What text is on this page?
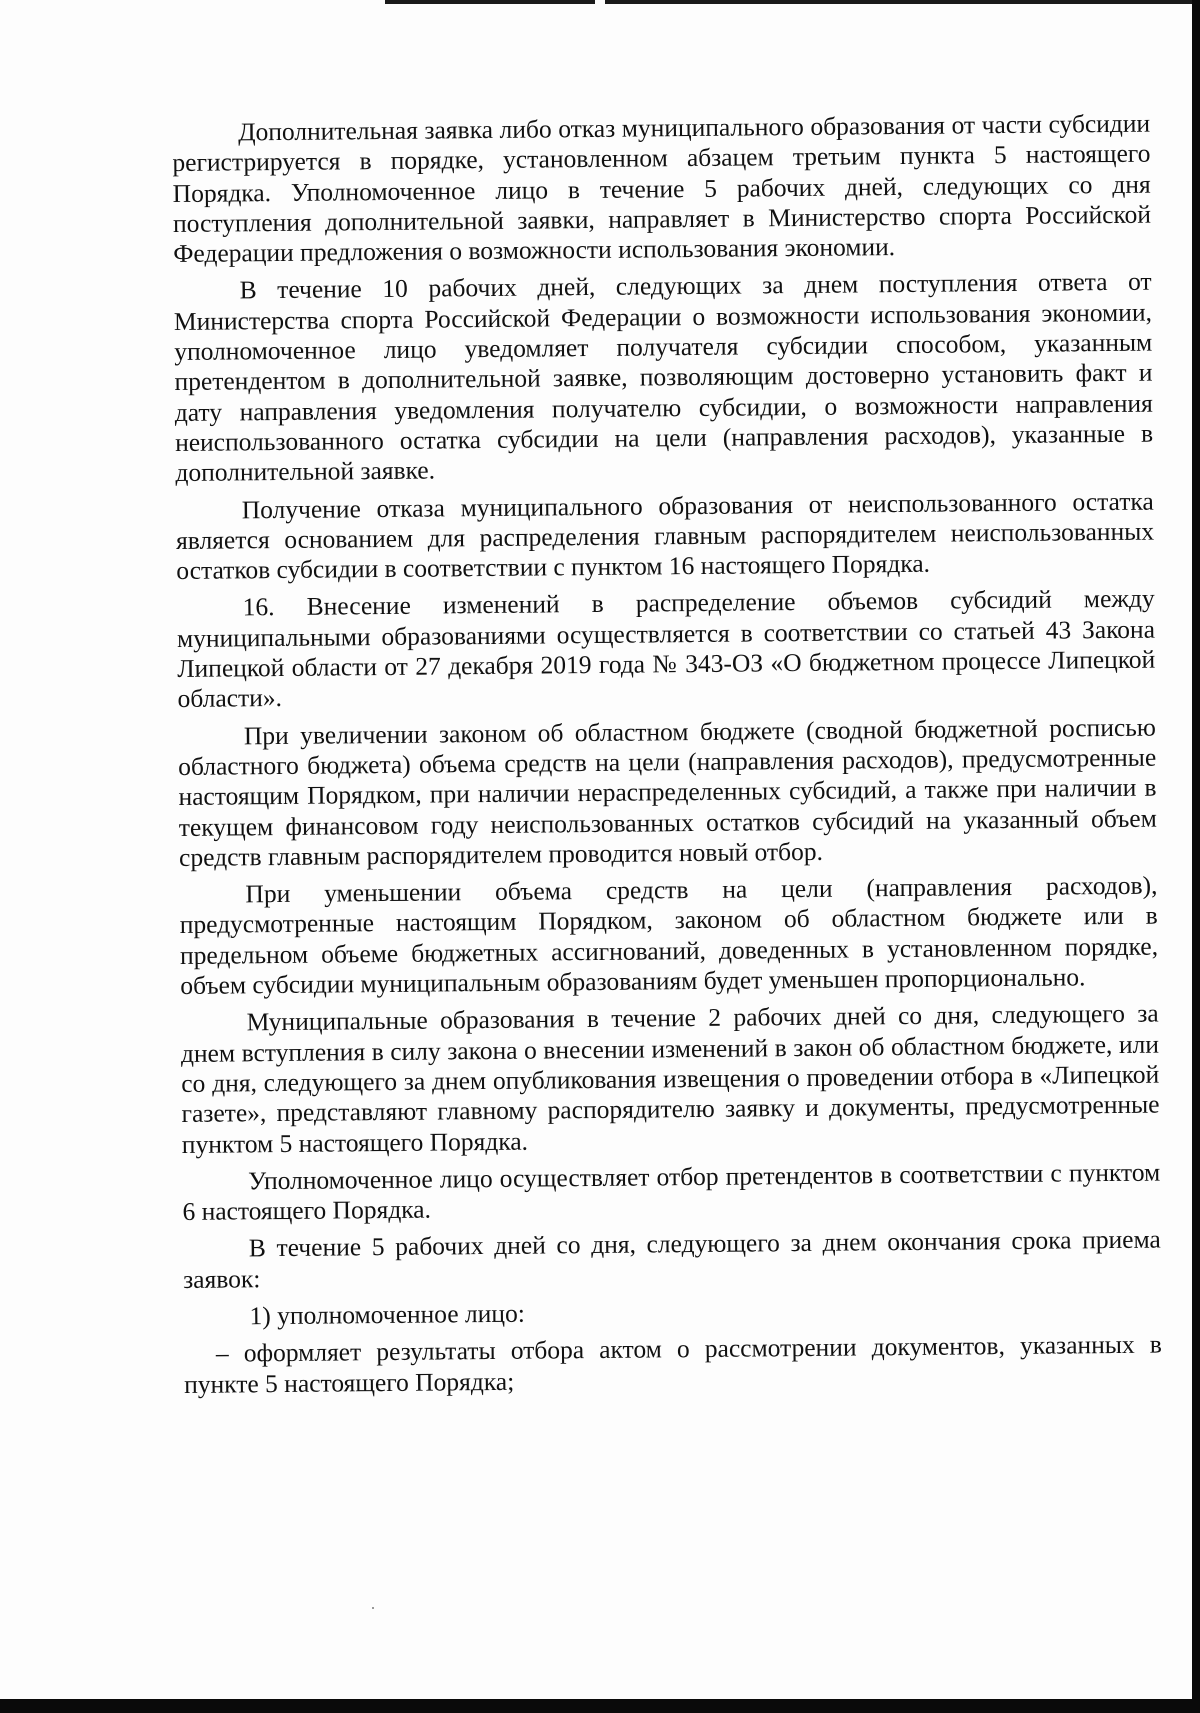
Дополнительная заявка либо отказ муниципального образования от части субсидии регистрируется в порядке, установленном абзацем третьим пункта 5 настоящего Порядка. Уполномоченное лицо в течение 5 рабочих дней, следующих со дня поступления дополнительной заявки, направляет в Министерство спорта Российской Федерации предложения о возможности использования экономии.

В течение 10 рабочих дней, следующих за днем поступления ответа от Министерства спорта Российской Федерации о возможности использования экономии, уполномоченное лицо уведомляет получателя субсидии способом, указанным претендентом в дополнительной заявке, позволяющим достоверно установить факт и дату направления уведомления получателю субсидии, о возможности направления неиспользованного остатка субсидии на цели (направления расходов), указанные в дополнительной заявке.

Получение отказа муниципального образования от неиспользованного остатка является основанием для распределения главным распорядителем неиспользованных остатков субсидии в соответствии с пунктом 16 настоящего Порядка.

16. Внесение изменений в распределение объемов субсидий между муниципальными образованиями осуществляется в соответствии со статьей 43 Закона Липецкой области от 27 декабря 2019 года № 343-ОЗ «О бюджетном процессе Липецкой области».

При увеличении законом об областном бюджете (сводной бюджетной росписью областного бюджета) объема средств на цели (направления расходов), предусмотренные настоящим Порядком, при наличии нераспределенных субсидий, а также при наличии в текущем финансовом году неиспользованных остатков субсидий на указанный объем средств главным распорядителем проводится новый отбор.

При уменьшении объема средств на цели (направления расходов), предусмотренные настоящим Порядком, законом об областном бюджете или в предельном объеме бюджетных ассигнований, доведенных в установленном порядке, объем субсидии муниципальным образованиям будет уменьшен пропорционально.

Муниципальные образования в течение 2 рабочих дней со дня, следующего за днем вступления в силу закона о внесении изменений в закон об областном бюджете, или со дня, следующего за днем опубликования извещения о проведении отбора в «Липецкой газете», представляют главному распорядителю заявку и документы, предусмотренные пунктом 5 настоящего Порядка.

Уполномоченное лицо осуществляет отбор претендентов в соответствии с пунктом 6 настоящего Порядка.

В течение 5 рабочих дней со дня, следующего за днем окончания срока приема заявок:

1) уполномоченное лицо:

– оформляет результаты отбора актом о рассмотрении документов, указанных в пункте 5 настоящего Порядка;
